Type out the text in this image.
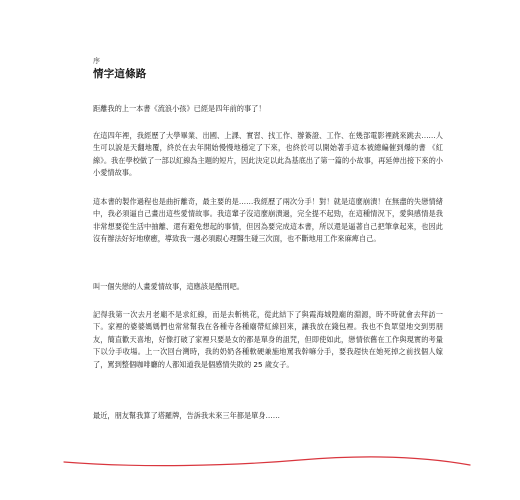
序
情字這條路

距離我的上一本書《流浪小孩》已經是四年前的事了！

在這四年裡，我經歷了大學畢業、出國、上課、實習、找工作、辦簽證、工作、在幾部電影裡跳來跳去……人生可以說是天翻地覆，終於在去年開始慢慢地穩定了下來，也終於可以開始著手這本被總編催到爆的書 《紅線》。我在學校做了一部以紅線為主題的短片，因此決定以此為基底出了第一篇的小故事，再延伸出接下來的小小愛情故事。

這本書的製作過程也是曲折離奇，最主要的是……我經歷了兩次分手！對！就是這麼崩潰！在無盡的失戀情緒中，我必須逼自己畫出這些愛情故事。我這輩子沒這麼崩潰過，完全提不起勁，在這種情況下，愛與感情是我非常想要從生活中抽離、還有避免想起的事情，但因為要完成這本書，所以還是逼著自己把筆拿起來，也因此沒有辦法好好地療癒，導致我一週必須跟心理醫生碰三次面，也不斷地用工作來麻痺自己。

叫一個失戀的人畫愛情故事，這應該是酷刑吧。

記得我第一次去月老廟不是求紅線，而是去斬桃花，從此結下了與霞海城隍廟的淵源，時不時就會去拜訪一下。家裡的婆婆媽媽們也常常幫我在各種寺各種廟帶紅線回來，讓我放在錢包裡。我也不負眾望地交到男朋友，簡直歡天喜地，好像打破了家裡只要是女的都是單身的詛咒，但即使如此，戀情依舊在工作與現實的考量下以分手收場。上一次回台灣時，我的奶奶各種軟硬兼施地罵我幹嘛分手，要我趕快在她死掉之前找個人嫁了，罵到整個咖啡廳的人都知道我是個感情失敗的 25 歲女子。

最近，朋友幫我算了塔羅牌，告訴我未來三年都是單身……
